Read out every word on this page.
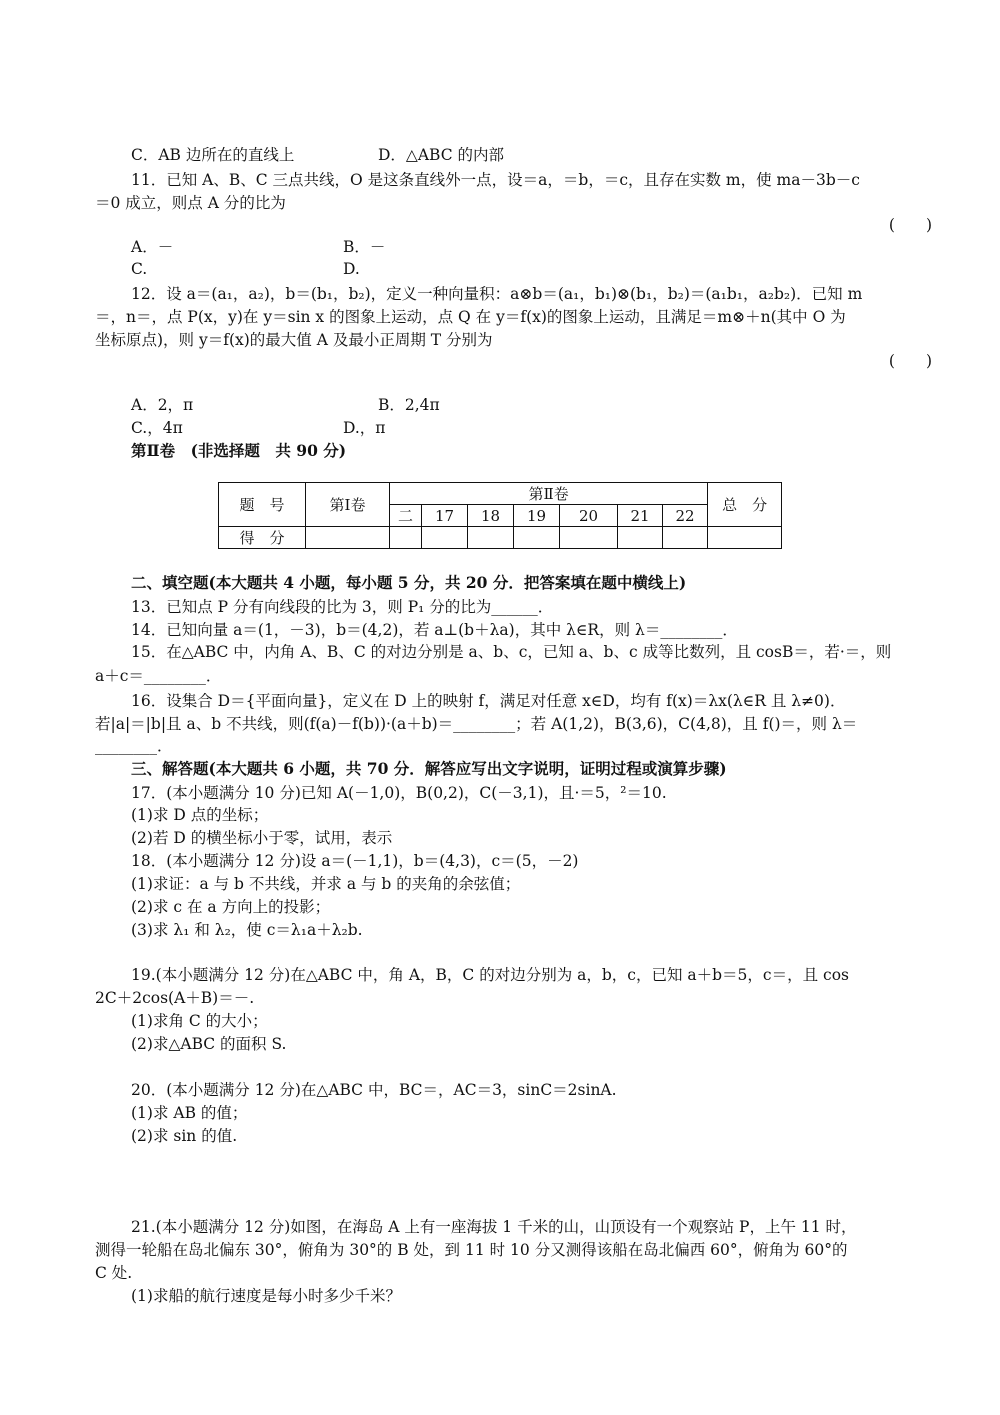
C．AB 边所在的直线上	D．△ABC 的内部
11．已知 A、B、C 三点共线，O 是这条直线外一点，设＝a，＝b，＝c，且存在实数 m，使 ma－3b－c
＝0 成立，则点 A 分的比为
(　　)
A．－	B．－
C.	D.
12．设 a＝(a₁，a₂)，b＝(b₁，b₂)，定义一种向量积：a⊗b＝(a₁，b₁)⊗(b₁，b₂)＝(a₁b₁，a₂b₂)．已知 m
＝，n＝，点 P(x，y)在 y＝sin x 的图象上运动，点 Q 在 y＝f(x)的图象上运动，且满足＝m⊗＋n(其中 O 为
坐标原点)，则 y＝f(x)的最大值 A 及最小正周期 T 分别为
(　　)
A．2，π	B．2,4π
C.，4π	D.，π
第Ⅱ卷　(非选择题　共 90 分)
题　号	第Ⅰ卷	第Ⅱ卷							总　分
		二	17	18	19	20	21	22	
得　分									
二、填空题(本大题共 4 小题，每小题 5 分，共 20 分．把答案填在题中横线上)
13．已知点 P 分有向线段的比为 3，则 P₁ 分的比为______．
14．已知向量 a＝(1，－3)，b＝(4,2)，若 a⊥(b＋λa)，其中 λ∈R，则 λ＝________．
15．在△ABC 中，内角 A、B、C 的对边分别是 a、b、c，已知 a、b、c 成等比数列，且 cosB＝，若·＝，则
a＋c＝________．
16．设集合 D＝{平面向量}，定义在 D 上的映射 f，满足对任意 x∈D，均有 f(x)＝λx(λ∈R 且 λ≠0)．
若|a|＝|b|且 a、b 不共线，则(f(a)－f(b))·(a＋b)＝________；若 A(1,2)，B(3,6)，C(4,8)，且 f()＝，则 λ＝
________．
三、解答题(本大题共 6 小题，共 70 分．解答应写出文字说明，证明过程或演算步骤)
17．(本小题满分 10 分)已知 A(－1,0)，B(0,2)，C(－3,1)，且·＝5，²＝10.
(1)求 D 点的坐标；
(2)若 D 的横坐标小于零，试用，表示
18．(本小题满分 12 分)设 a＝(－1,1)，b＝(4,3)，c＝(5，－2)
(1)求证：a 与 b 不共线，并求 a 与 b 的夹角的余弦值；
(2)求 c 在 a 方向上的投影；
(3)求 λ₁ 和 λ₂，使 c＝λ₁a＋λ₂b.
19.(本小题满分 12 分)在△ABC 中，角 A，B，C 的对边分别为 a，b，c，已知 a＋b＝5，c＝，且 cos
2C＋2cos(A＋B)＝－.
(1)求角 C 的大小；
(2)求△ABC 的面积 S.
20．(本小题满分 12 分)在△ABC 中，BC＝，AC＝3，sinC＝2sinA.
(1)求 AB 的值；
(2)求 sin 的值.
21.(本小题满分 12 分)如图，在海岛 A 上有一座海拔 1 千米的山，山顶设有一个观察站 P，上午 11 时，
测得一轮船在岛北偏东 30°，俯角为 30°的 B 处，到 11 时 10 分又测得该船在岛北偏西 60°，俯角为 60°的
C 处.
(1)求船的航行速度是每小时多少千米？
